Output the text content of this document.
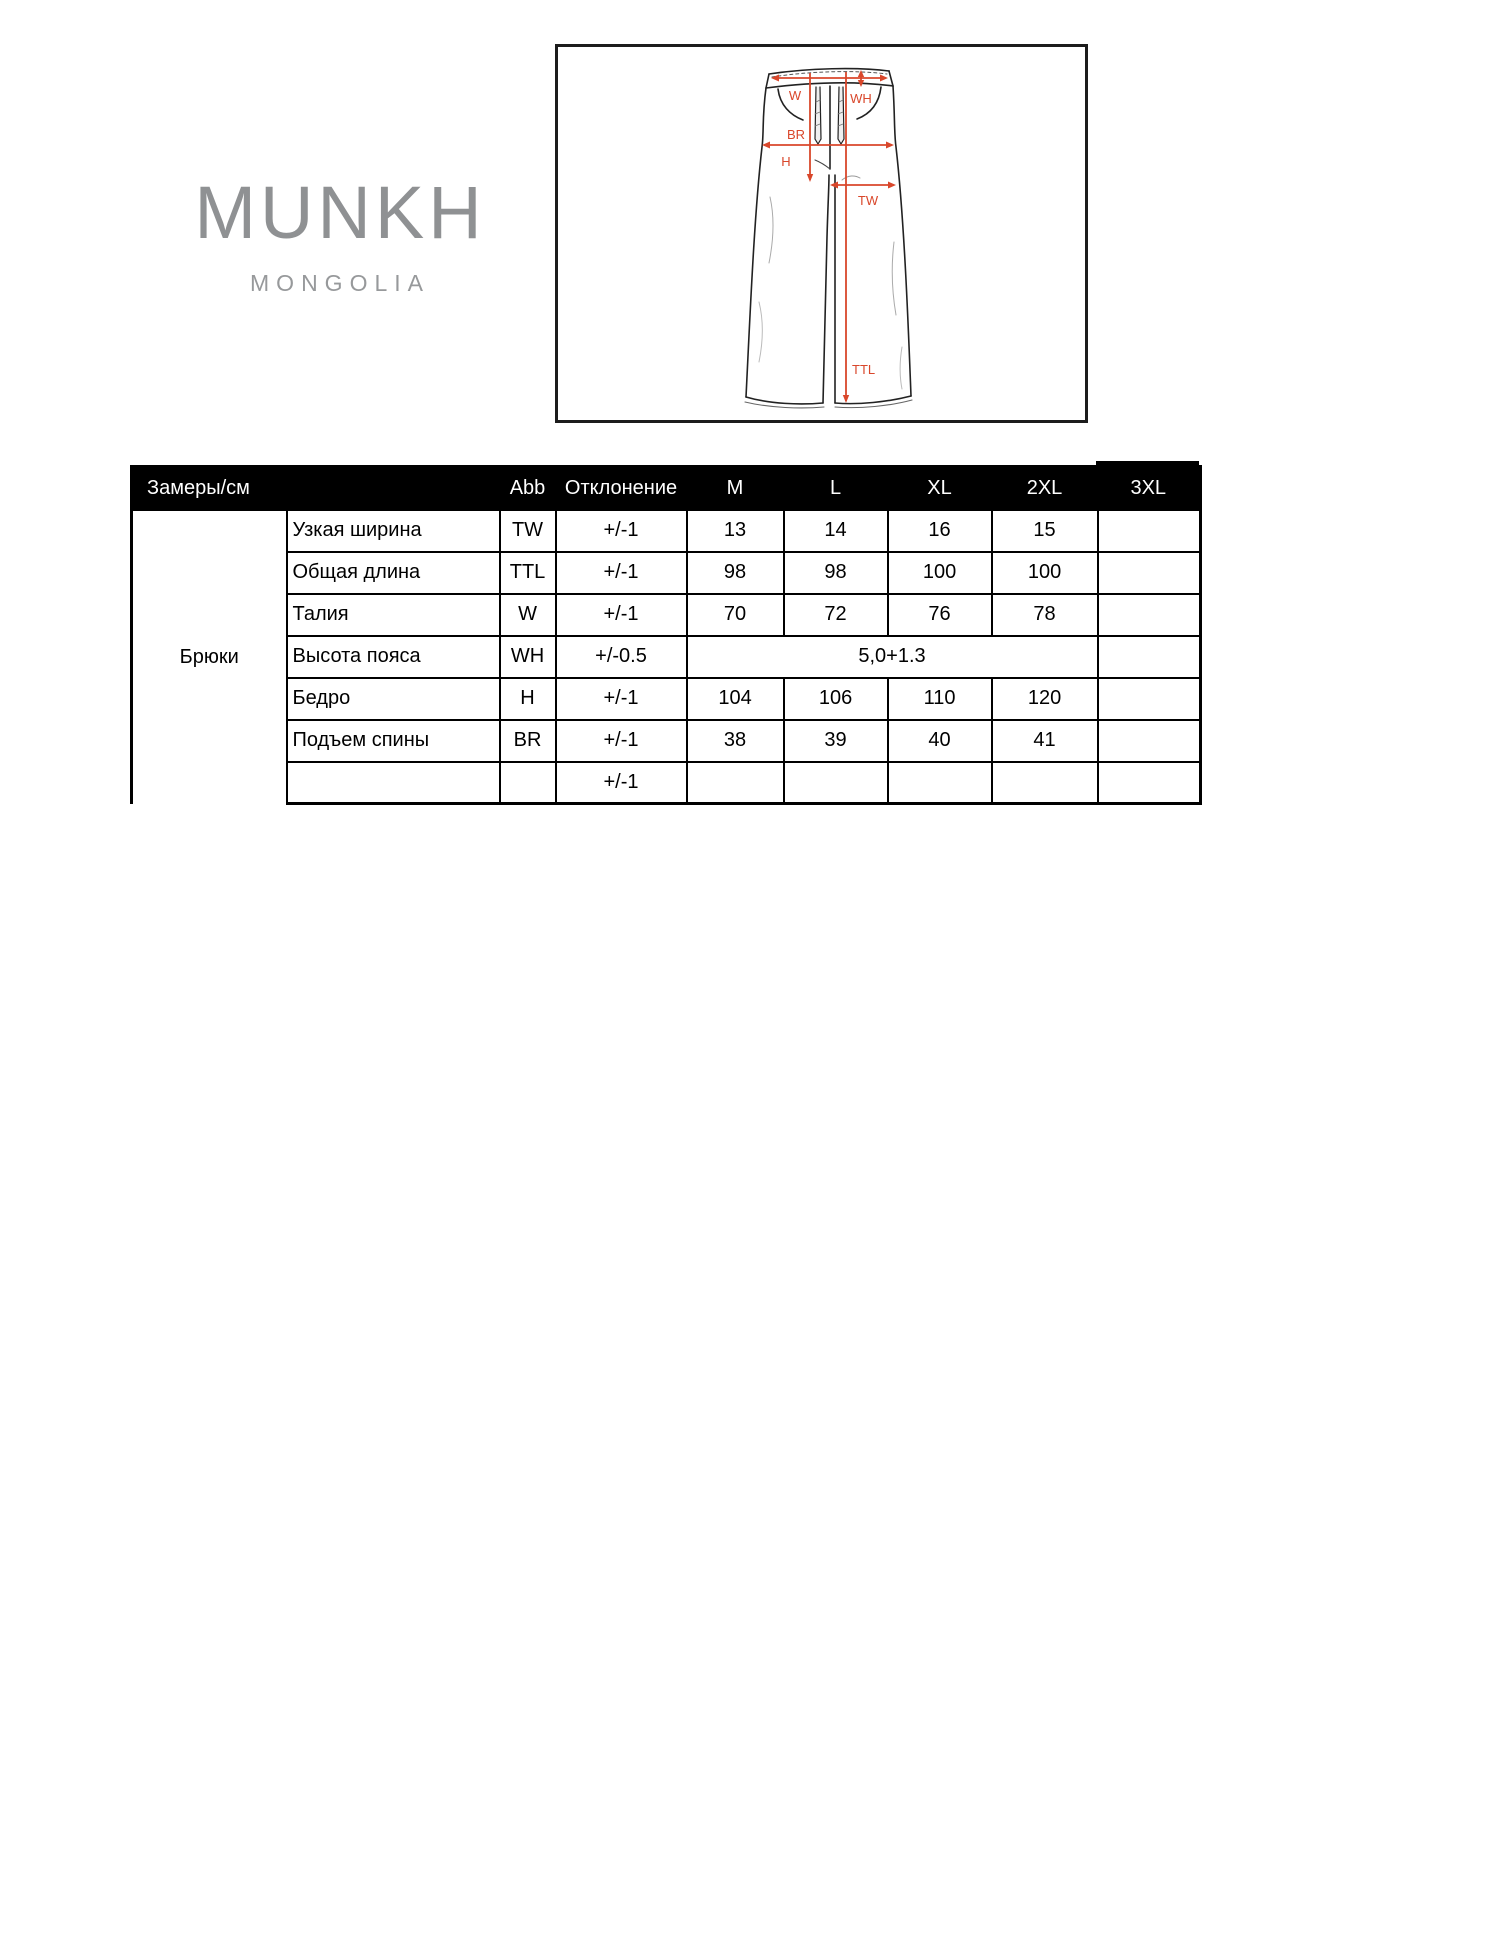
MUNKH
MONGOLIA
W	WH
BR
H
TW
TTL
Замеры/см		Abb	Отклонение	M	L	XL	2XL	3XL
Брюки	Узкая ширина	TW	+/-1	13	14	16	15	
	Общая длина	TTL	+/-1	98	98	100	100	
	Талия	W	+/-1	70	72	76	78	
	Высота пояса	WH	+/-0.5	5,0+1.3				
	Бедро	H	+/-1	104	106	110	120	
	Подъем спины	BR	+/-1	38	39	40	41	
			+/-1					
